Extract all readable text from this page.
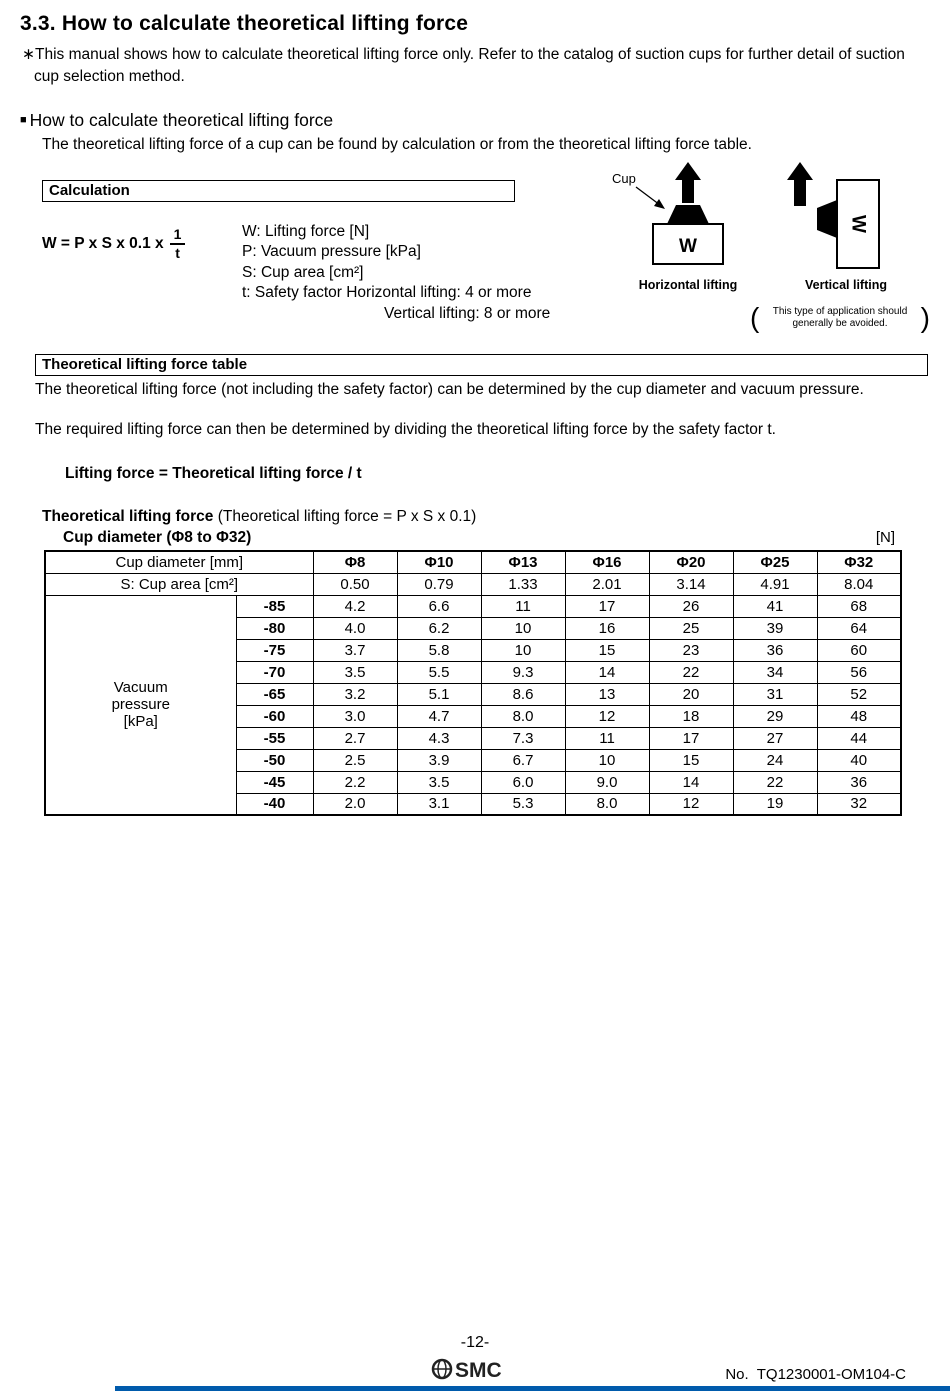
3.3. How to calculate theoretical lifting force
∗This manual shows how to calculate theoretical lifting force only. Refer to the catalog of suction cups for further detail of suction cup selection method.
■ How to calculate theoretical lifting force
The theoretical lifting force of a cup can be found by calculation or from the theoretical lifting force table.
Calculation
W = P x S x 0.1 x $\frac{1}{t}$	W: Lifting force [N]
P: Vacuum pressure [kPa]
S: Cup area [cm²]
t: Safety factor Horizontal lifting: 4 or more
Vertical lifting: 8 or more
Cup
W
Horizontal lifting
W
Vertical lifting
(	This type of application should generally be avoided.	)
Theoretical lifting force table
The theoretical lifting force (not including the safety factor) can be determined by the cup diameter and vacuum pressure.
The required lifting force can then be determined by dividing the theoretical lifting force by the safety factor t.
Lifting force = Theoretical lifting force / t
Theoretical lifting force (Theoretical lifting force = P x S x 0.1)
Cup diameter (Φ8 to Φ32)	[N]
Cup diameter [mm]		Φ8	Φ10	Φ13	Φ16	Φ20	Φ25	Φ32
S: Cup area [cm²]		0.50	0.79	1.33	2.01	3.14	4.91	8.04

Vacuum
pressure
[kPa]	-85	4.2	6.6	11	17	26	41	68
	-80	4.0	6.2	10	16	25	39	64
	-75	3.7	5.8	10	15	23	36	60
	-70	3.5	5.5	9.3	14	22	34	56
	-65	3.2	5.1	8.6	13	20	31	52
	-60	3.0	4.7	8.0	12	18	29	48
	-55	2.7	4.3	7.3	11	17	27	44
	-50	2.5	3.9	6.7	10	15	24	40
	-45	2.2	3.5	6.0	9.0	14	22	36
	-40	2.0	3.1	5.3	8.0	12	19	32
-12-
SMC	No.  TQ1230001-OM104-C
